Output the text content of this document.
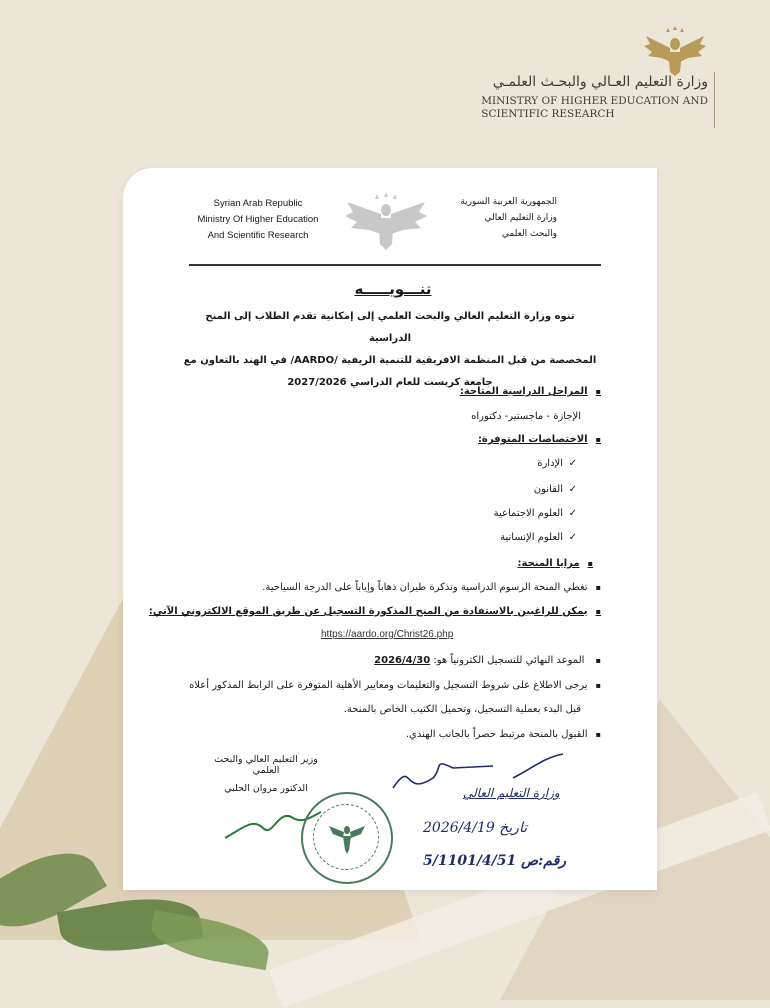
وزارة التعليم العـالي والبحـث العلمـي
MINISTRY OF HIGHER EDUCATION AND
SCIENTIFIC RESEARCH
Syrian Arab Republic
Ministry Of Higher Education
And Scientific Research
الجمهورية العربية السورية
وزارة التعليم العالي
والبحث العلمي
تنـــويـــــه
تنوه وزارة التعليم العالي والبحث العلمي إلى إمكانية تقدم الطلاب إلى المنح الدراسية
المخصصة من قبل المنظمة الافريقية للتنمية الريفية /AARDO/ في الهند بالتعاون مع
جامعة كريست للعام الدراسي 2027/2026
▪ المراحل الدراسية المتاحة:
الإجازة - ماجستير- دكتوراه
▪ الاختصاصات المتوفرة:
الإدارة ✓
القانون ✓
العلوم الاجتماعية ✓
العلوم الإنسانية ✓
▪ مزايا المنحة:
▪ تغطي المنحة الرسوم الدراسية وتذكرة طيران ذهاباً وإياباً على الدرجة السياحية.
▪ يمكن للراغبين بالاستفادة من المنح المذكورة التسجيل عن طريق الموقع الالكتروني الآتي:
https://aardo.org/Christ26.php
▪ الموعد النهائي للتسجيل الكترونياً هو: 2026/4/30
▪ يرجى الاطلاع على شروط التسجيل والتعليمات ومعايير الأهلية المتوفرة على الرابط المذكور أعلاه
قبل البدء بعملية التسجيل، وتحميل الكتيب الخاص بالمنحة.
▪ القبول بالمنحة مرتبط حصراً بالجانب الهندي.
وزير التعليم العالي والبحث العلمي
الدكتور مروان الحلبي	وزارة التعليم العالي
تاريخ 2026/4/19
رقم:ص 5/1101/4/51
